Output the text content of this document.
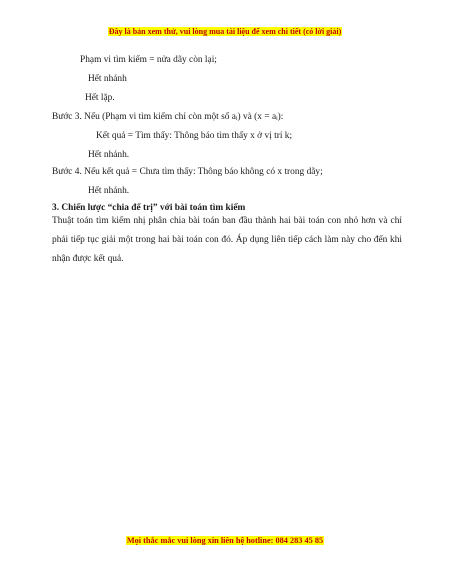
Đây là bản xem thử, vui lòng mua tài liệu để xem chi tiết (có lời giải)
Phạm vi tìm kiếm = nửa dãy còn lại;
Hết nhánh
Hết lặp.
Bước 3. Nếu (Phạm vi tìm kiếm chỉ còn một số aᵢ) và (x = aᵢ):
Kết quả = Tìm thấy: Thông báo tìm thấy x ở vị trí k;
Hết nhánh.
Bước 4. Nếu kết quả = Chưa tìm thấy: Thông báo không có x trong dãy;
Hết nhánh.
3. Chiến lược “chia để trị” với bài toán tìm kiếm
Thuật toán tìm kiếm nhị phân chia bài toán ban đầu thành hai bài toán con nhỏ hơn và chỉ phải tiếp tục giải một trong hai bài toán con đó. Áp dụng liên tiếp cách làm này cho đến khi nhận được kết quả.
Mọi thắc mắc vui lòng xin liên hệ hotline: 084 283 45 85
